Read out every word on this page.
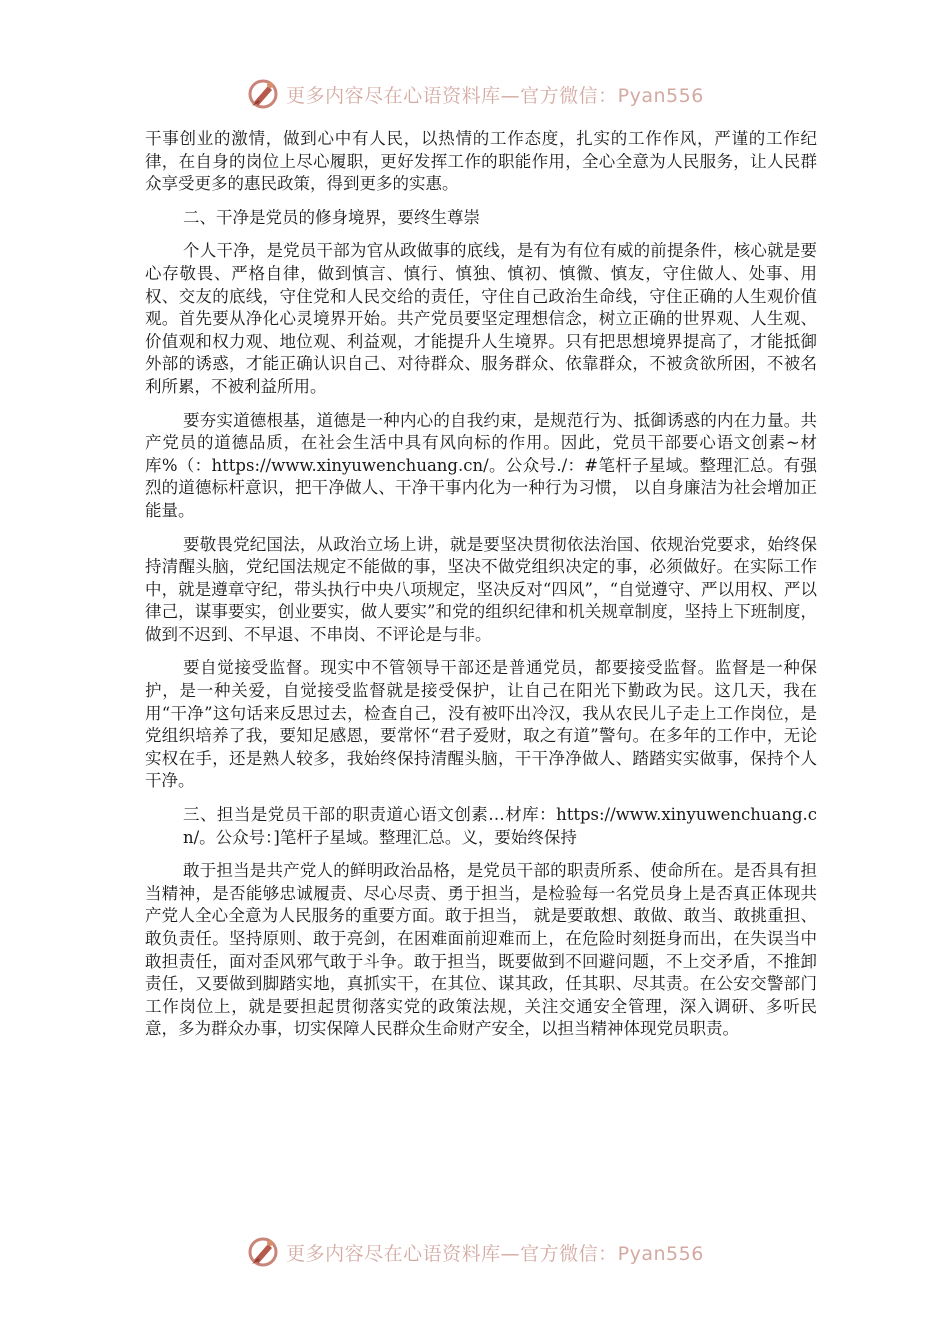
更多内容尽在心语资料库—官方微信：Pyan556

干事创业的激情，做到心中有人民，以热情的工作态度，扎实的工作作风，严谨的工作纪律，在自身的岗位上尽心履职，更好发挥工作的职能作用，全心全意为人民服务，让人民群众享受更多的惠民政策，得到更多的实惠。

二、干净是党员的修身境界，要终生尊崇

个人干净，是党员干部为官从政做事的底线，是有为有位有威的前提条件，核心就是要心存敬畏、严格自律，做到慎言、慎行、慎独、慎初、慎微、慎友，守住做人、处事、用权、交友的底线，守住党和人民交给的责任，守住自己政治生命线，守住正确的人生观价值观。首先要从净化心灵境界开始。共产党员要坚定理想信念，树立正确的世界观、人生观、价值观和权力观、地位观、利益观，才能提升人生境界。只有把思想境界提高了，才能抵御外部的诱惑，才能正确认识自己、对待群众、服务群众、依靠群众，不被贪欲所困，不被名利所累，不被利益所用。

要夯实道德根基，道德是一种内心的自我约束，是规范行为、抵御诱惑的内在力量。共产党员的道德品质，在社会生活中具有风向标的作用。因此，党员干部要心语文创素~材库%（：https://www.xinyuwenchuang.cn/。公众号./：#笔杆子星域。整理汇总。有强烈的道德标杆意识，把干净做人、干净干事内化为一种行为习惯， 以自身廉洁为社会增加正能量。

要敬畏党纪国法，从政治立场上讲，就是要坚决贯彻依法治国、依规治党要求，始终保持清醒头脑，党纪国法规定不能做的事，坚决不做党组织决定的事，必须做好。在实际工作中，就是遵章守纪，带头执行中央八项规定，坚决反对“四风”，“自觉遵守、严以用权、严以律己，谋事要实，创业要实，做人要实”和党的组织纪律和机关规章制度，坚持上下班制度，做到不迟到、不早退、不串岗、不评论是与非。

要自觉接受监督。现实中不管领导干部还是普通党员，都要接受监督。监督是一种保护，是一种关爱，自觉接受监督就是接受保护，让自己在阳光下勤政为民。这几天，我在用“干净”这句话来反思过去，检查自己，没有被吓出冷汉，我从农民儿子走上工作岗位，是党组织培养了我，要知足感恩，要常怀“君子爱财，取之有道”警句。在多年的工作中，无论实权在手，还是熟人较多，我始终保持清醒头脑，干干净净做人、踏踏实实做事，保持个人干净。

三、担当是党员干部的职责道心语文创素…材库：https://www.xinyuwenchuang.cn/。公众号：]笔杆子星域。整理汇总。义，要始终保持

敢于担当是共产党人的鲜明政治品格，是党员干部的职责所系、使命所在。是否具有担当精神，是否能够忠诚履责、尽心尽责、勇于担当，是检验每一名党员身上是否真正体现共产党人全心全意为人民服务的重要方面。敢于担当， 就是要敢想、敢做、敢当、敢挑重担、敢负责任。坚持原则、敢于亮剑，在困难面前迎难而上，在危险时刻挺身而出，在失误当中敢担责任，面对歪风邪气敢于斗争。敢于担当，既要做到不回避问题，不上交矛盾，不推卸责任，又要做到脚踏实地，真抓实干，在其位、谋其政，任其职、尽其责。在公安交警部门工作岗位上，就是要担起贯彻落实党的政策法规，关注交通安全管理，深入调研、多听民意，多为群众办事，切实保障人民群众生命财产安全，以担当精神体现党员职责。

更多内容尽在心语资料库—官方微信：Pyan556
